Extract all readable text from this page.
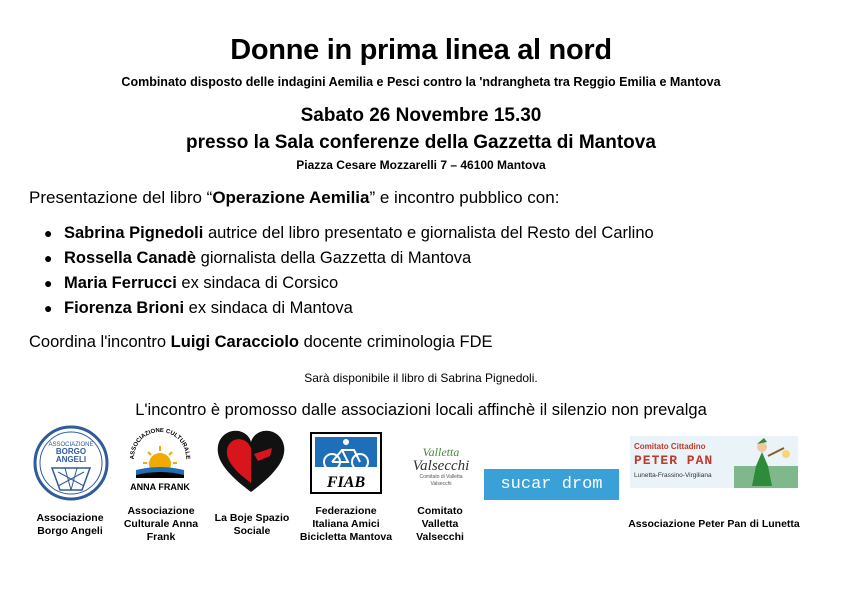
Donne in prima linea al nord
Combinato disposto delle indagini Aemilia e Pesci contro la 'ndrangheta tra Reggio Emilia e Mantova
Sabato 26 Novembre 15.30
presso la Sala conferenze della Gazzetta di Mantova
Piazza Cesare Mozzarelli 7 – 46100 Mantova
Presentazione del libro “Operazione Aemilia” e incontro pubblico con:
● Sabrina Pignedoli autrice del libro presentato e giornalista del Resto del Carlino
● Rossella Canadè giornalista della Gazzetta di Mantova
● Maria Ferrucci ex sindaca di Corsico
● Fiorenza Brioni ex sindaca di Mantova
Coordina l'incontro Luigi Caracciolo docente criminologia FDE
Sarà disponibile il libro di Sabrina Pignedoli.
L'incontro è promosso dalle associazioni locali affinchè il silenzio non prevalga
ASSOCIAZIONE
BORGO
ANGELI
Associazione
Borgo Angeli
ASSOCIAZIONE CULTURALE
ANNA FRANK
Associazione
Culturale Anna
Frank
La Boje Spazio
Sociale
FIAB
Federazione
Italiana Amici
Bicicletta Mantova
Valletta
Valsecchi
Comitato di Valletta Valsecchi
Comitato
Valletta
Valsecchi
sucar drom
Comitato Cittadino
PETER PAN
Lunetta-Frassino-Virgiliana
Associazione Peter Pan di Lunetta
